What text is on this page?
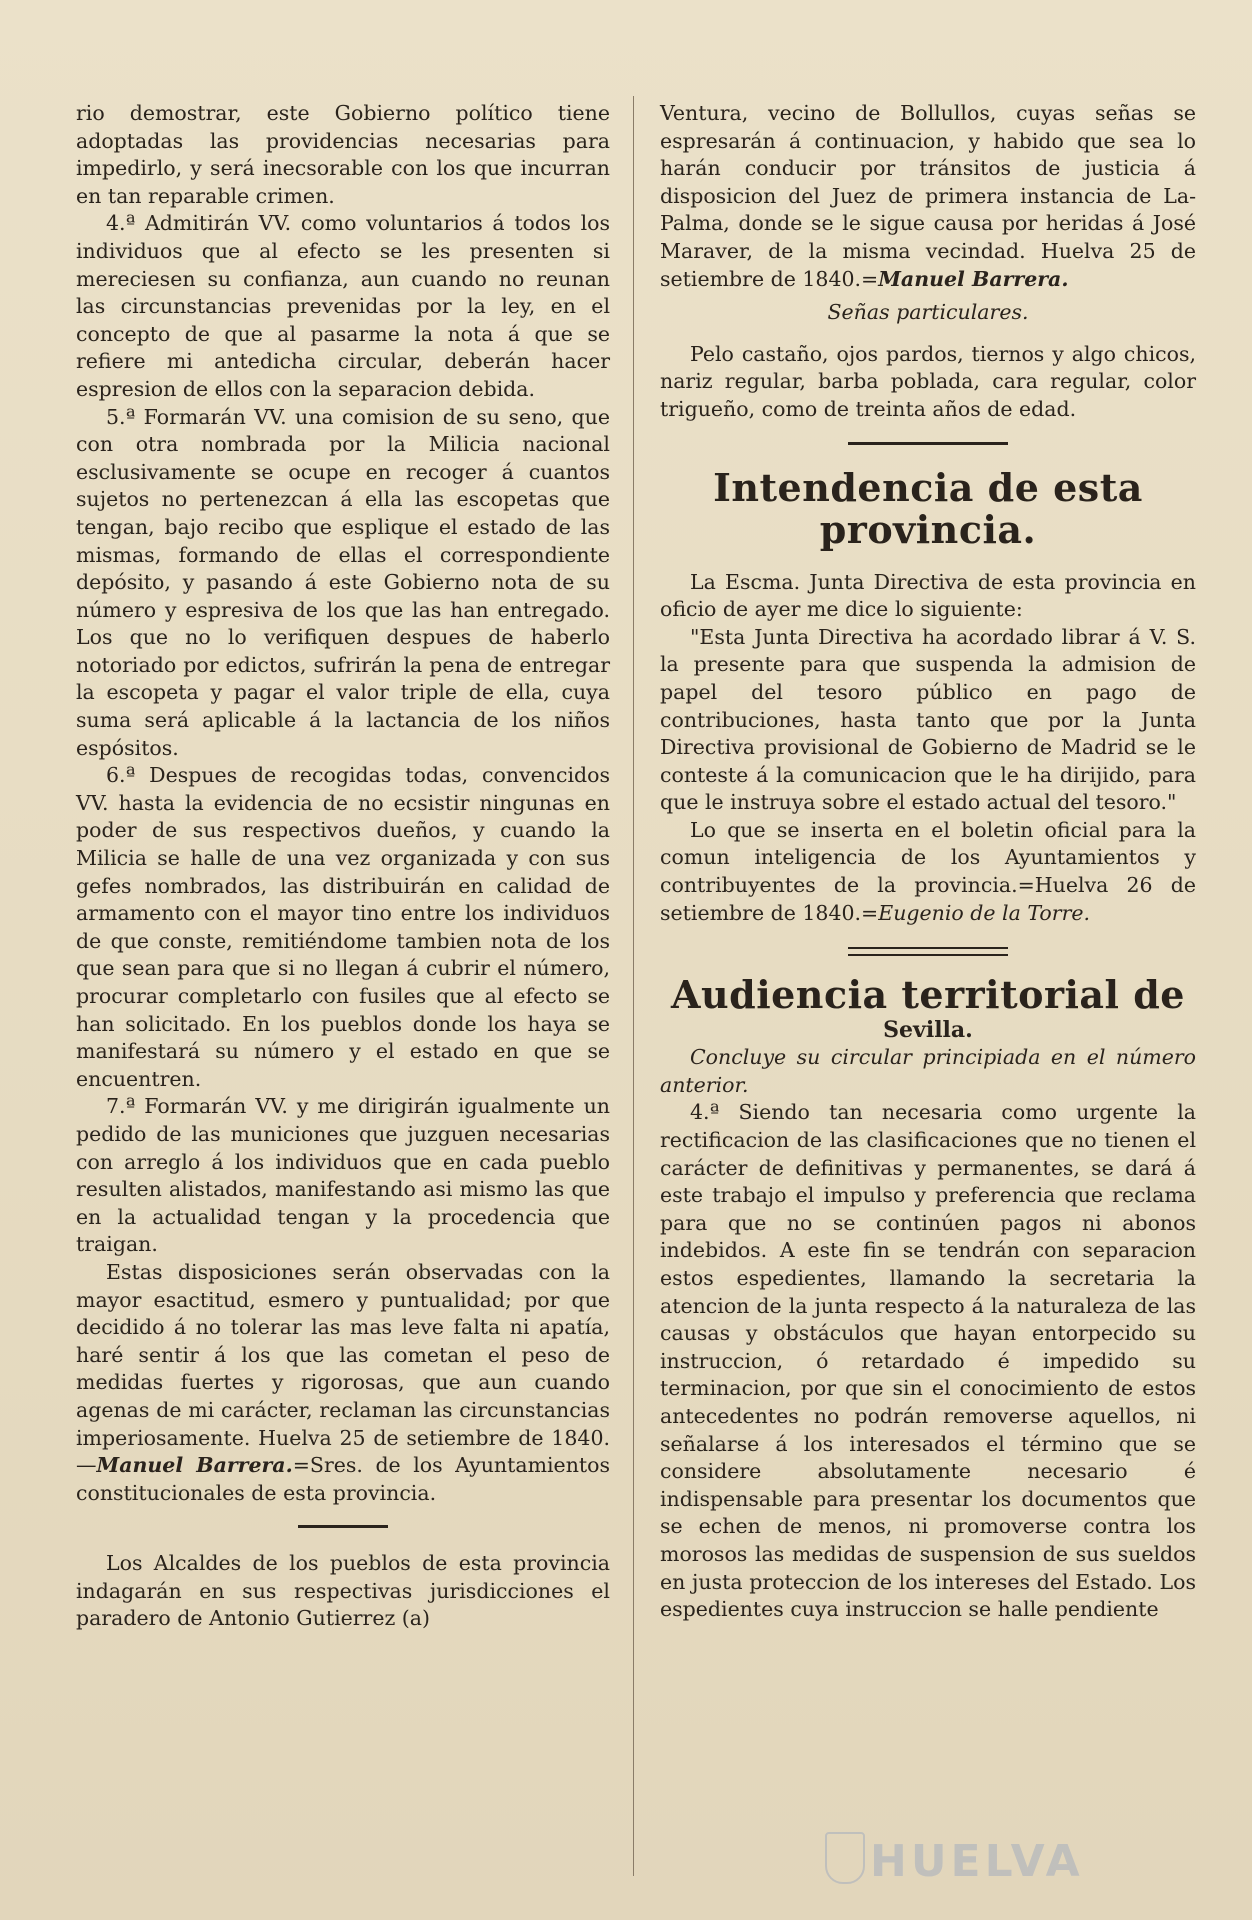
rio demostrar, este Gobierno político tiene adoptadas las providencias necesarias para impedirlo, y será inecsorable con los que incurran en tan reparable crimen.

4.ª Admitirán VV. como voluntarios á todos los individuos que al efecto se les presenten si mereciesen su confianza, aun cuando no reunan las circunstancias prevenidas por la ley, en el concepto de que al pasarme la nota á que se refiere mi antedicha circular, deberán hacer espresion de ellos con la separacion debida.

5.ª Formarán VV. una comision de su seno, que con otra nombrada por la Milicia nacional esclusivamente se ocupe en recoger á cuantos sujetos no pertenezcan á ella las escopetas que tengan, bajo recibo que esplique el estado de las mismas, formando de ellas el correspondiente depósito, y pasando á este Gobierno nota de su número y espresiva de los que las han entregado. Los que no lo verifiquen despues de haberlo notoriado por edictos, sufrirán la pena de entregar la escopeta y pagar el valor triple de ella, cuya suma será aplicable á la lactancia de los niños espósitos.

6.ª Despues de recogidas todas, convencidos VV. hasta la evidencia de no ecsistir ningunas en poder de sus respectivos dueños, y cuando la Milicia se halle de una vez organizada y con sus gefes nombrados, las distribuirán en calidad de armamento con el mayor tino entre los individuos de que conste, remitiéndome tambien nota de los que sean para que si no llegan á cubrir el número, procurar completarlo con fusiles que al efecto se han solicitado. En los pueblos donde los haya se manifestará su número y el estado en que se encuentren.

7.ª Formarán VV. y me dirigirán igualmente un pedido de las municiones que juzguen necesarias con arreglo á los individuos que en cada pueblo resulten alistados, manifestando asi mismo las que en la actualidad tengan y la procedencia que traigan.

Estas disposiciones serán observadas con la mayor esactitud, esmero y puntualidad; por que decidido á no tolerar las mas leve falta ni apatía, haré sentir á los que las cometan el peso de medidas fuertes y rigorosas, que aun cuando agenas de mi carácter, reclaman las circunstancias imperiosamente. Huelva 25 de setiembre de 1840.—Manuel Barrera.=Sres. de los Ayuntamientos constitucionales de esta provincia.

Los Alcaldes de los pueblos de esta provincia indagarán en sus respectivas jurisdicciones el paradero de Antonio Gutierrez (a)

Ventura, vecino de Bollullos, cuyas señas se espresarán á continuacion, y habido que sea lo harán conducir por tránsitos de justicia á disposicion del Juez de primera instancia de La-Palma, donde se le sigue causa por heridas á José Maraver, de la misma vecindad. Huelva 25 de setiembre de 1840.=Manuel Barrera.

Señas particulares.

Pelo castaño, ojos pardos, tiernos y algo chicos, nariz regular, barba poblada, cara regular, color trigueño, como de treinta años de edad.

Intendencia de esta provincia.

La Escma. Junta Directiva de esta provincia en oficio de ayer me dice lo siguiente:

"Esta Junta Directiva ha acordado librar á V. S. la presente para que suspenda la admision de papel del tesoro público en pago de contribuciones, hasta tanto que por la Junta Directiva provisional de Gobierno de Madrid se le conteste á la comunicacion que le ha dirijido, para que le instruya sobre el estado actual del tesoro."

Lo que se inserta en el boletin oficial para la comun inteligencia de los Ayuntamientos y contribuyentes de la provincia.=Huelva 26 de setiembre de 1840.=Eugenio de la Torre.

Audiencia territorial de

Sevilla.

Concluye su circular principiada en el número anterior.

4.ª Siendo tan necesaria como urgente la rectificacion de las clasificaciones que no tienen el carácter de definitivas y permanentes, se dará á este trabajo el impulso y preferencia que reclama para que no se continúen pagos ni abonos indebidos. A este fin se tendrán con separacion estos espedientes, llamando la secretaria la atencion de la junta respecto á la naturaleza de las causas y obstáculos que hayan entorpecido su instruccion, ó retardado é impedido su terminacion, por que sin el conocimiento de estos antecedentes no podrán removerse aquellos, ni señalarse á los interesados el término que se considere absolutamente necesario é indispensable para presentar los documentos que se echen de menos, ni promoverse contra los morosos las medidas de suspension de sus sueldos en justa proteccion de los intereses del Estado. Los espedientes cuya instruccion se halle pendiente

HUELVA
